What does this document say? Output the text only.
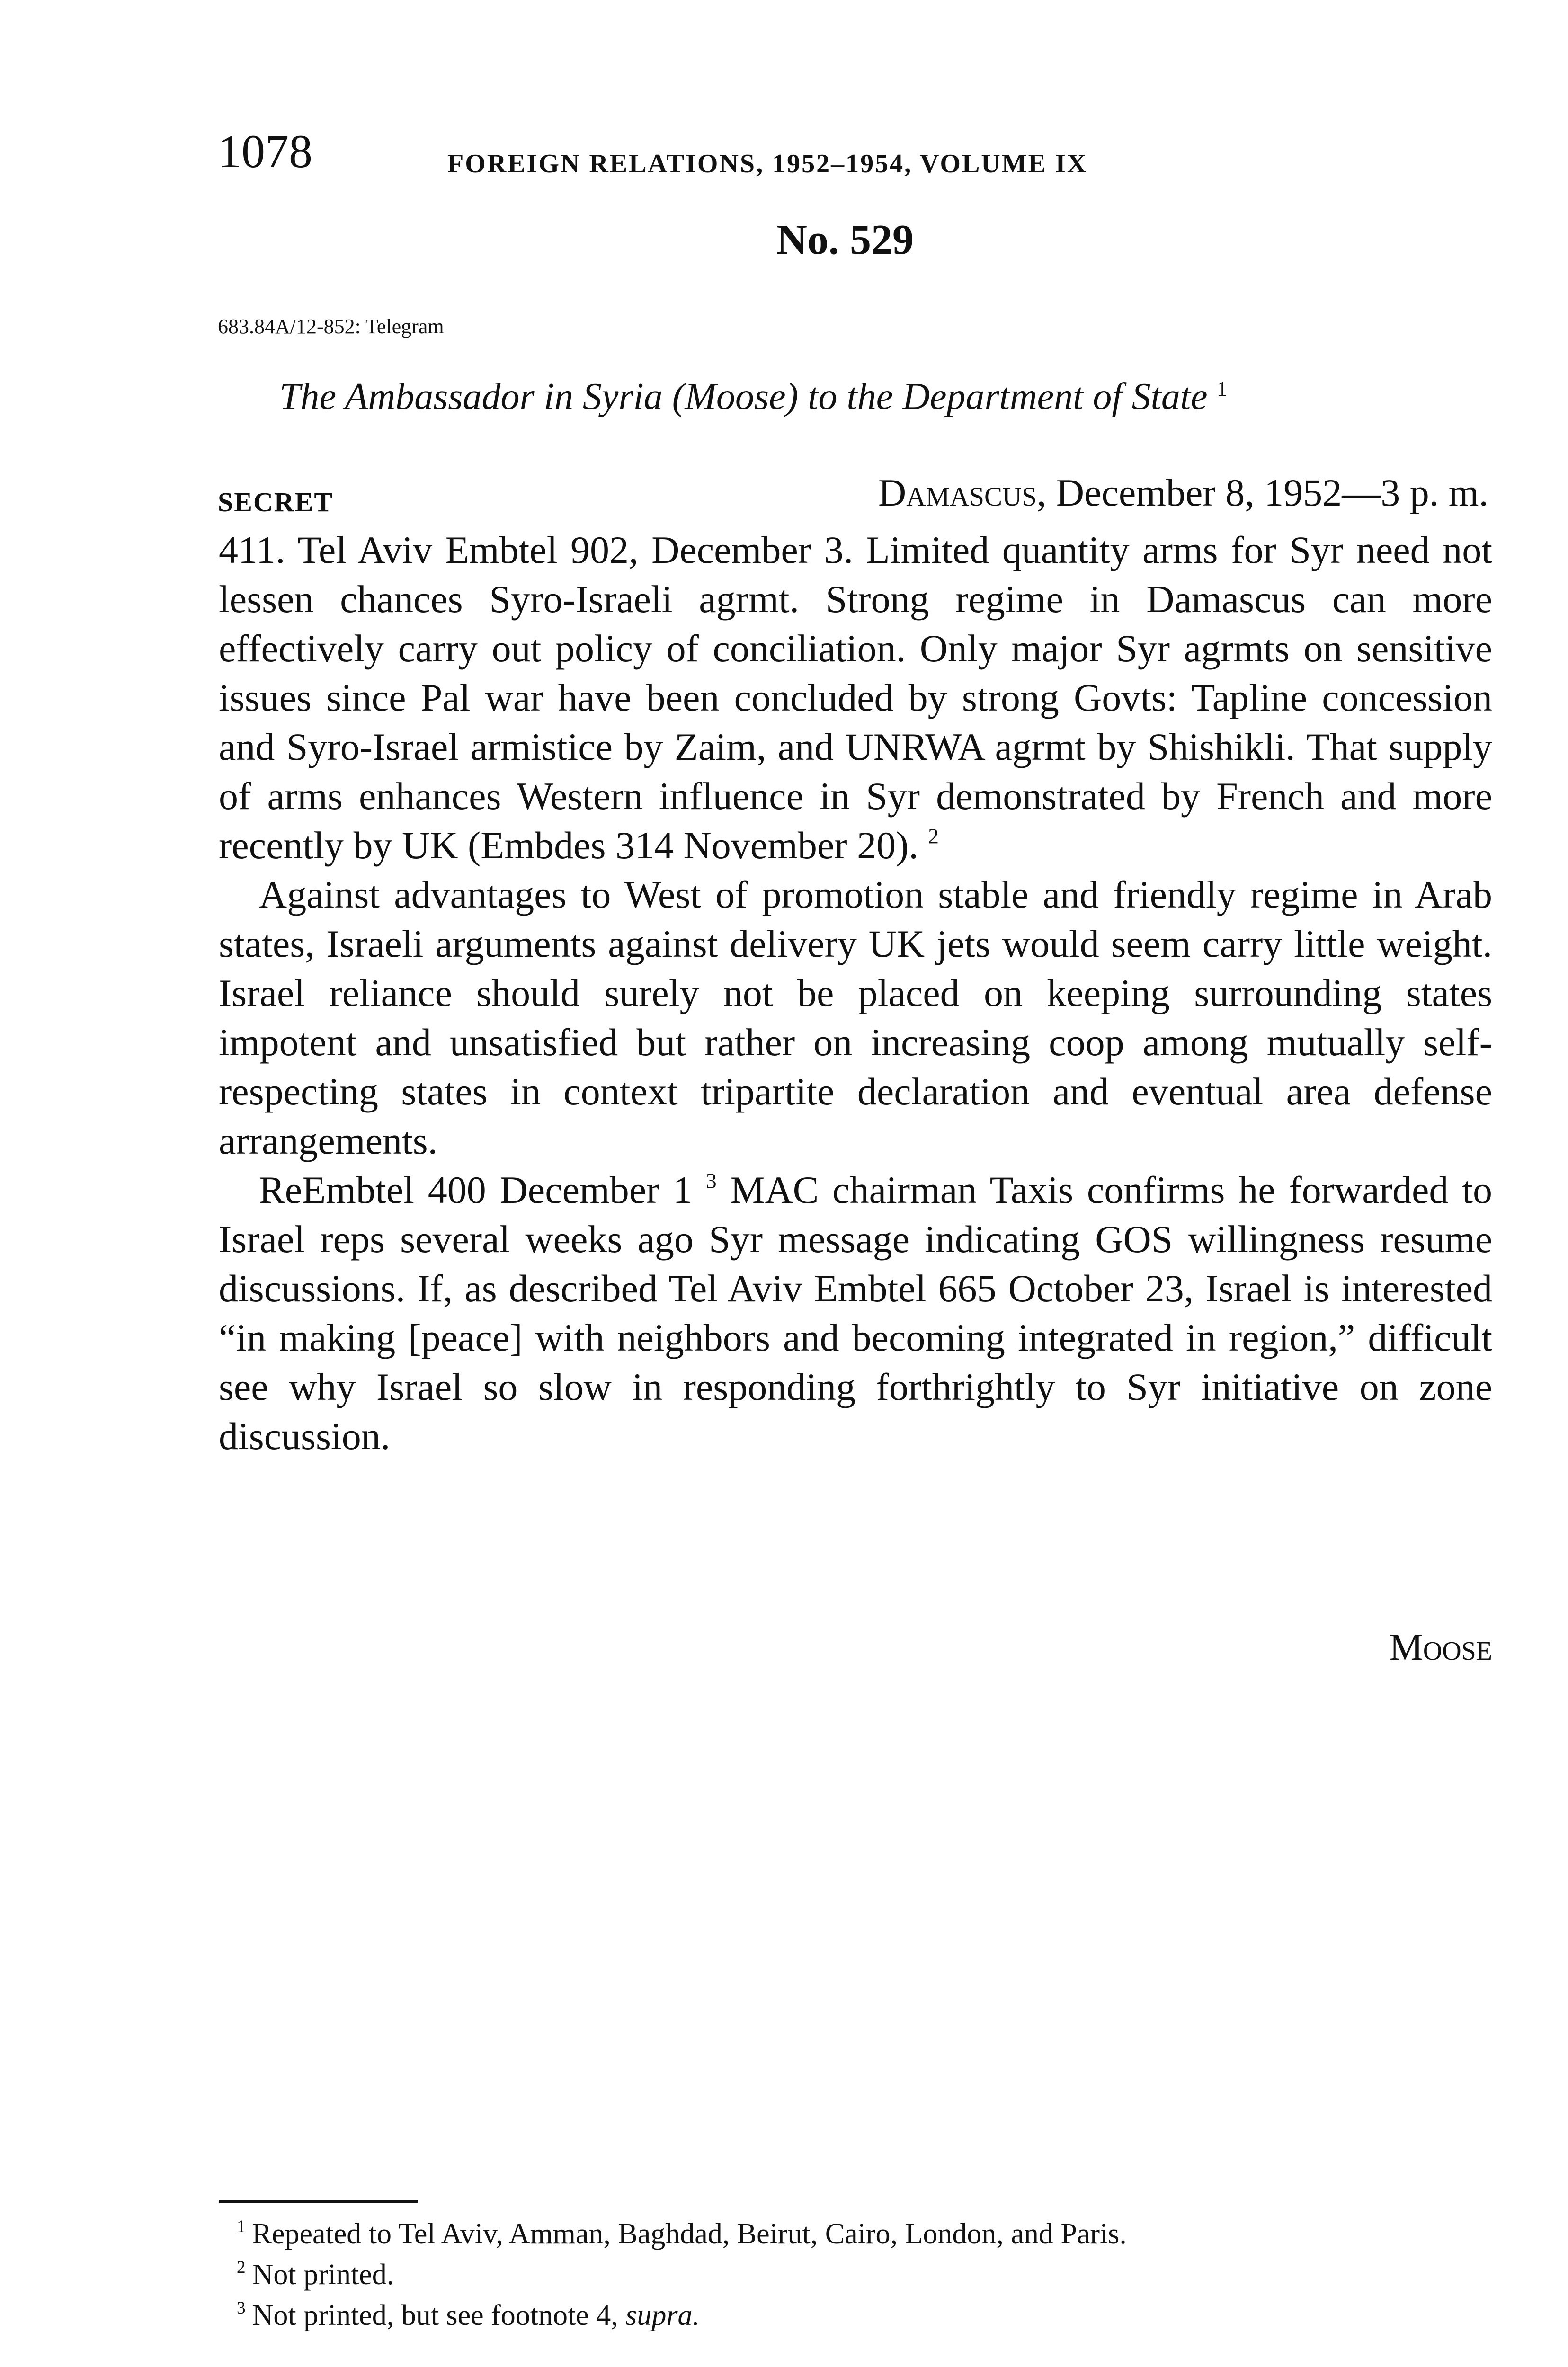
1078	FOREIGN RELATIONS, 1952–1954, VOLUME IX
No. 529
683.84A/12-852: Telegram
The Ambassador in Syria (Moose) to the Department of State $^1$
SECRET	Damascus, December 8, 1952—3 p. m.

411. Tel Aviv Embtel 902, December 3. Limited quantity arms for Syr need not lessen chances Syro-Israeli agrmt. Strong regime in Damascus can more effectively carry out policy of conciliation. Only major Syr agrmts on sensitive issues since Pal war have been concluded by strong Govts: Tapline concession and Syro-Israel armistice by Zaim, and UNRWA agrmt by Shishikli. That supply of arms enhances Western influence in Syr demonstrated by French and more recently by UK (Embdes 314 November 20). $^2$

Against advantages to West of promotion stable and friendly regime in Arab states, Israeli arguments against delivery UK jets would seem carry little weight. Israel reliance should surely not be placed on keeping surrounding states impotent and unsatisfied but rather on increasing coop among mutually self-respecting states in context tripartite declaration and eventual area defense arrangements.

ReEmbtel 400 December 1 $^3$ MAC chairman Taxis confirms he forwarded to Israel reps several weeks ago Syr message indicating GOS willingness resume discussions. If, as described Tel Aviv Embtel 665 October 23, Israel is interested “in making [peace] with neighbors and becoming integrated in region,” difficult see why Israel so slow in responding forthrightly to Syr initiative on zone discussion.

Moose
$^1$ Repeated to Tel Aviv, Amman, Baghdad, Beirut, Cairo, London, and Paris.
$^2$ Not printed.
$^3$ Not printed, but see footnote 4, supra.
